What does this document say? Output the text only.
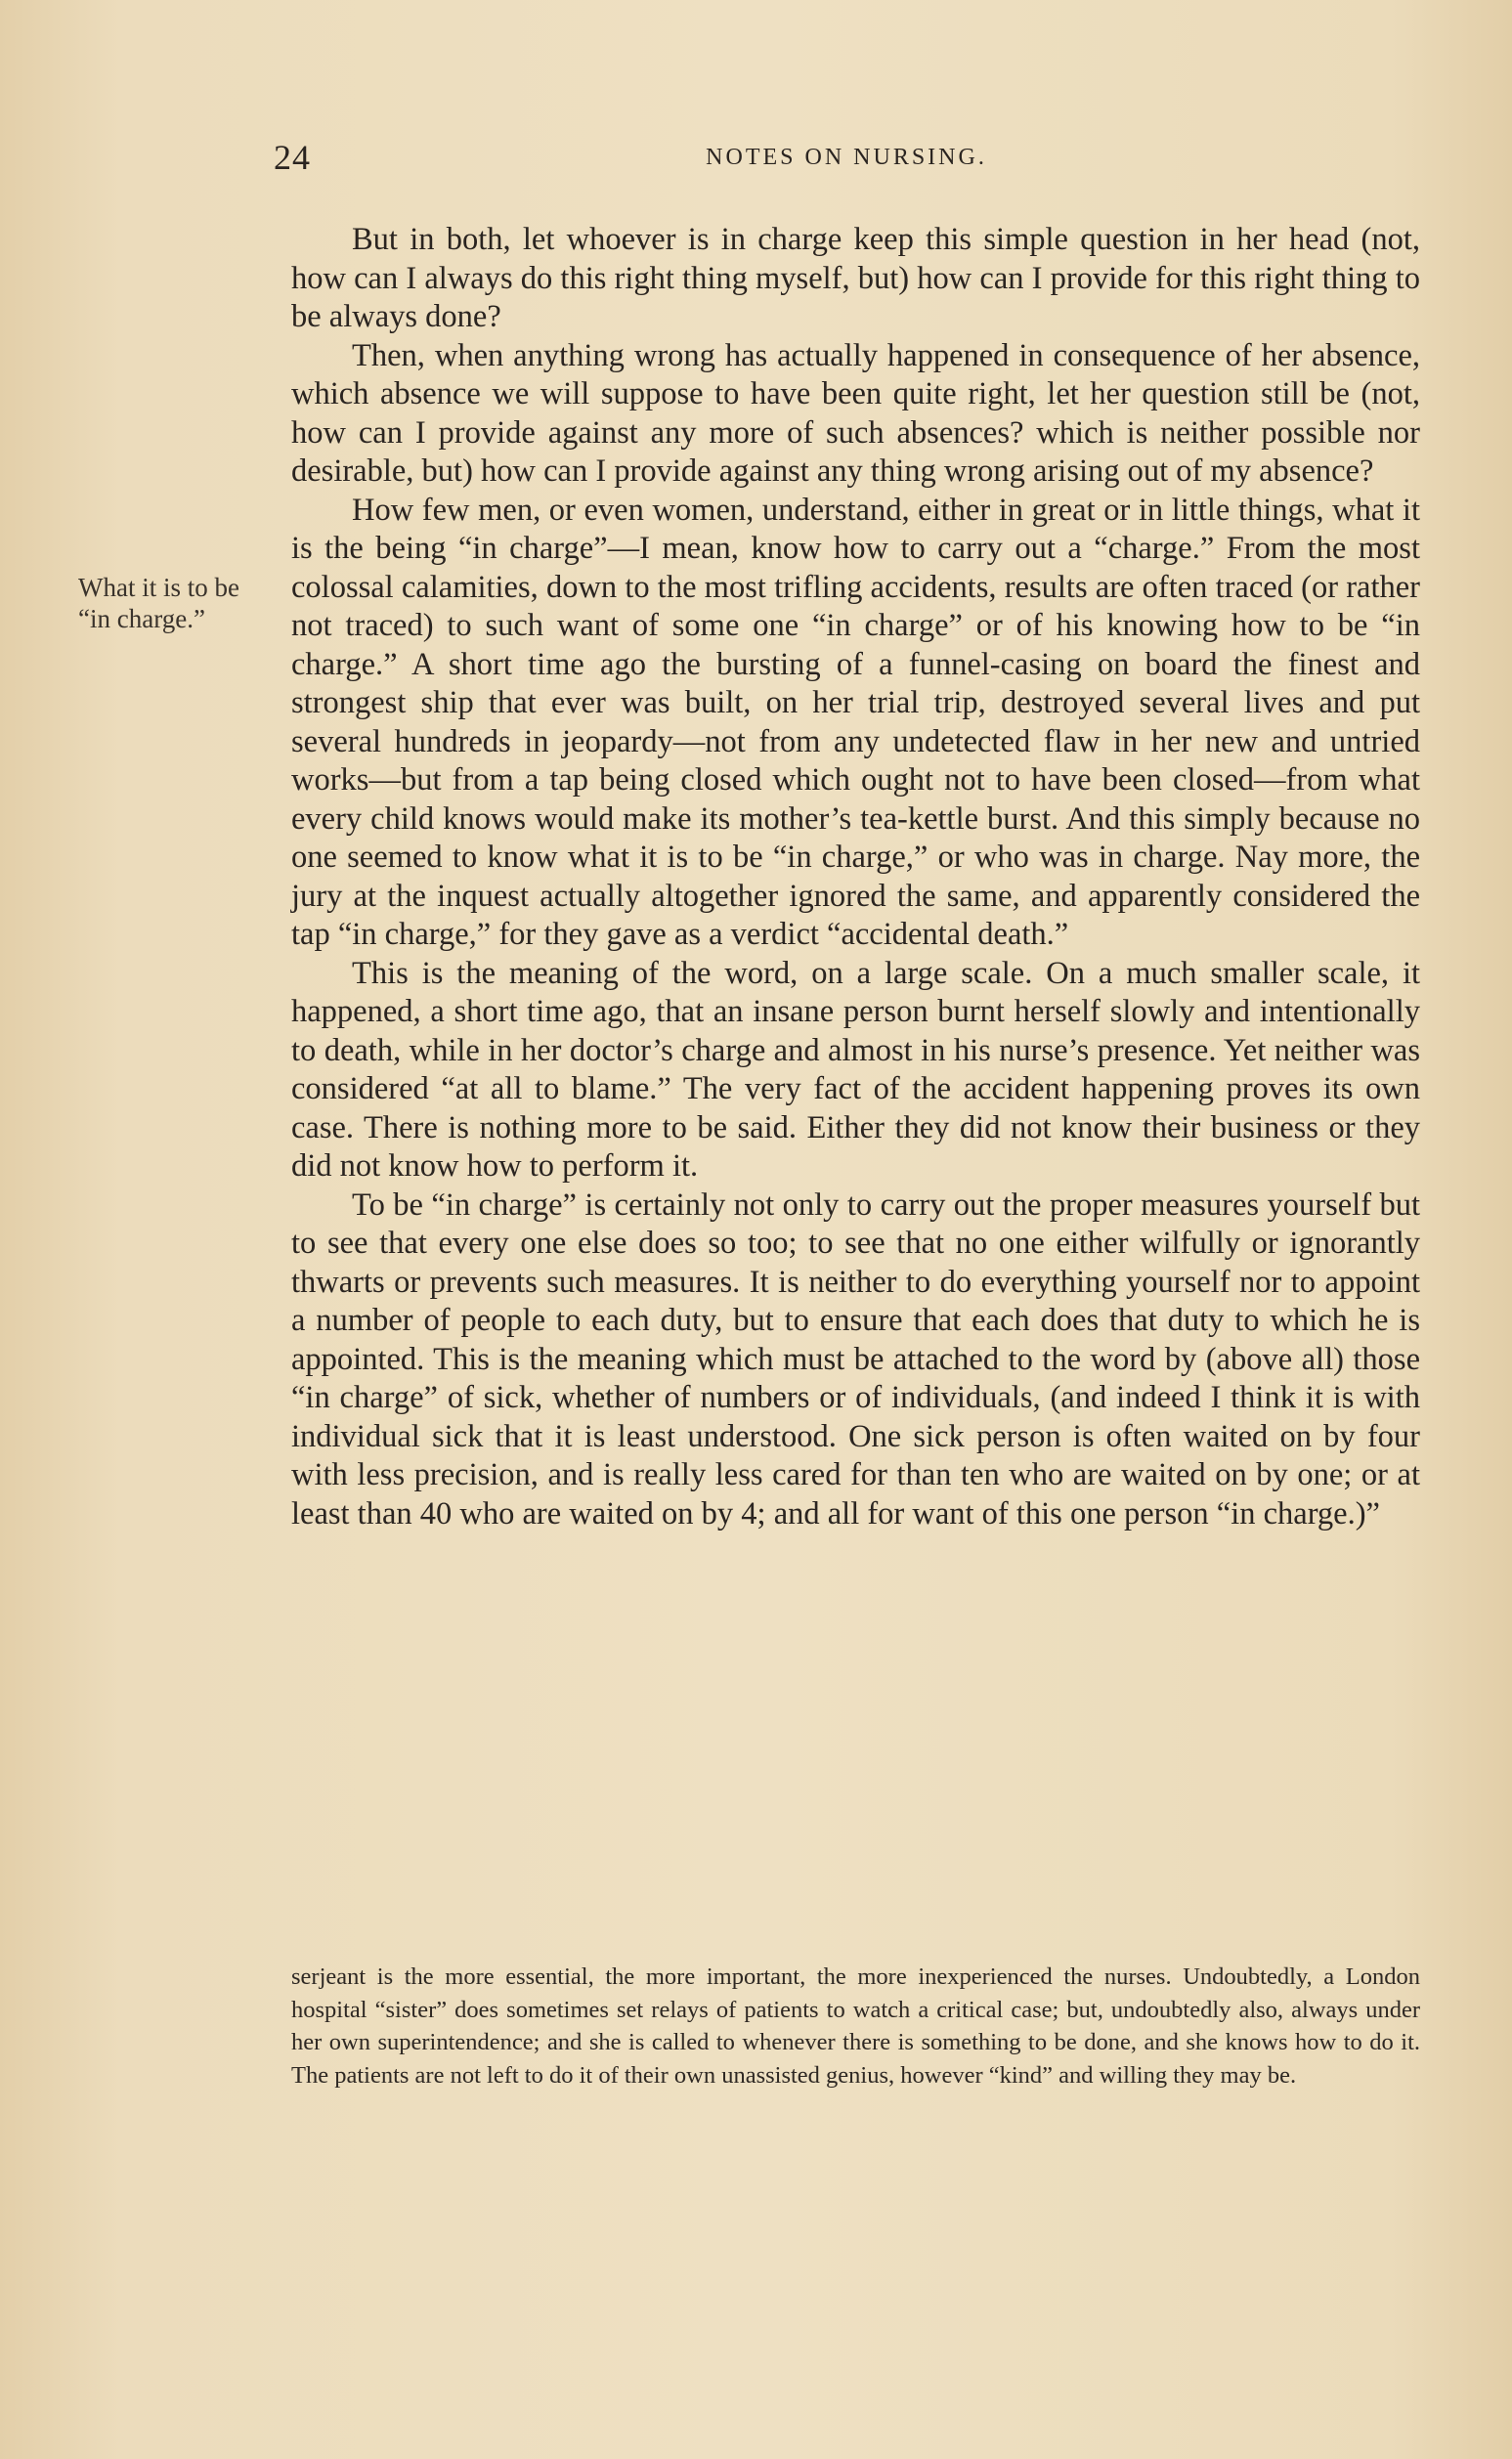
24	NOTES ON NURSING.
What it is to be “in charge.”

But in both, let whoever is in charge keep this simple question in her head (not, how can I always do this right thing myself, but) how can I provide for this right thing to be always done?

Then, when anything wrong has actually happened in consequence of her absence, which absence we will suppose to have been quite right, let her question still be (not, how can I provide against any more of such absences? which is neither possible nor desirable, but) how can I provide against any thing wrong arising out of my absence?

How few men, or even women, understand, either in great or in little things, what it is the being “in charge”—I mean, know how to carry out a “charge.” From the most colossal calamities, down to the most trifling accidents, results are often traced (or rather not traced) to such want of some one “in charge” or of his knowing how to be “in charge.” A short time ago the bursting of a funnel-casing on board the finest and strongest ship that ever was built, on her trial trip, destroyed several lives and put several hundreds in jeopardy—not from any undetected flaw in her new and untried works—but from a tap being closed which ought not to have been closed—from what every child knows would make its mother’s tea-kettle burst. And this simply because no one seemed to know what it is to be “in charge,” or who was in charge. Nay more, the jury at the inquest actually altogether ignored the same, and apparently considered the tap “in charge,” for they gave as a verdict “accidental death.”

This is the meaning of the word, on a large scale. On a much smaller scale, it happened, a short time ago, that an insane person burnt herself slowly and intentionally to death, while in her doctor’s charge and almost in his nurse’s presence. Yet neither was considered “at all to blame.” The very fact of the accident happening proves its own case. There is nothing more to be said. Either they did not know their business or they did not know how to perform it.

To be “in charge” is certainly not only to carry out the proper measures yourself but to see that every one else does so too; to see that no one either wilfully or ignorantly thwarts or prevents such measures. It is neither to do everything yourself nor to appoint a number of people to each duty, but to ensure that each does that duty to which he is appointed. This is the meaning which must be attached to the word by (above all) those “in charge” of sick, whether of numbers or of individuals, (and indeed I think it is with individual sick that it is least understood. One sick person is often waited on by four with less precision, and is really less cared for than ten who are waited on by one; or at least than 40 who are waited on by 4; and all for want of this one person “in charge.)”

serjeant is the more essential, the more important, the more inexperienced the nurses. Undoubtedly, a London hospital “sister” does sometimes set relays of patients to watch a critical case; but, undoubtedly also, always under her own superintendence; and she is called to whenever there is something to be done, and she knows how to do it. The patients are not left to do it of their own unassisted genius, however “kind” and willing they may be.
